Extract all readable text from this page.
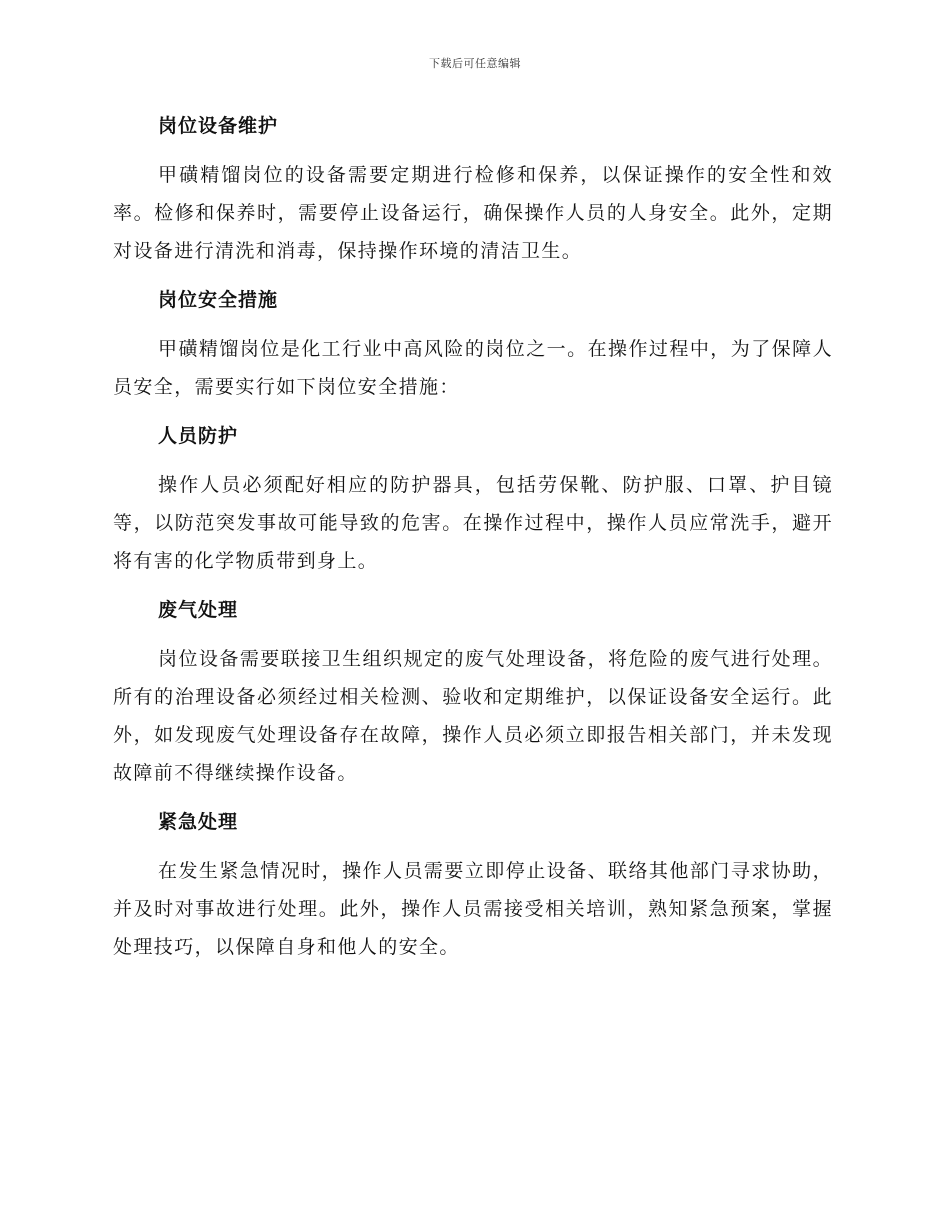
下载后可任意编辑
岗位设备维护

甲磺精馏岗位的设备需要定期进行检修和保养，以保证操作的安全性和效率。检修和保养时，需要停止设备运行，确保操作人员的人身安全。此外，定期对设备进行清洗和消毒，保持操作环境的清洁卫生。

岗位安全措施

甲磺精馏岗位是化工行业中高风险的岗位之一。在操作过程中，为了保障人员安全，需要实行如下岗位安全措施：

人员防护

操作人员必须配好相应的防护器具，包括劳保靴、防护服、口罩、护目镜等，以防范突发事故可能导致的危害。在操作过程中，操作人员应常洗手，避开将有害的化学物质带到身上。

废气处理

岗位设备需要联接卫生组织规定的废气处理设备，将危险的废气进行处理。所有的治理设备必须经过相关检测、验收和定期维护，以保证设备安全运行。此外，如发现废气处理设备存在故障，操作人员必须立即报告相关部门，并未发现故障前不得继续操作设备。

紧急处理

在发生紧急情况时，操作人员需要立即停止设备、联络其他部门寻求协助，并及时对事故进行处理。此外，操作人员需接受相关培训，熟知紧急预案，掌握处理技巧，以保障自身和他人的安全。
